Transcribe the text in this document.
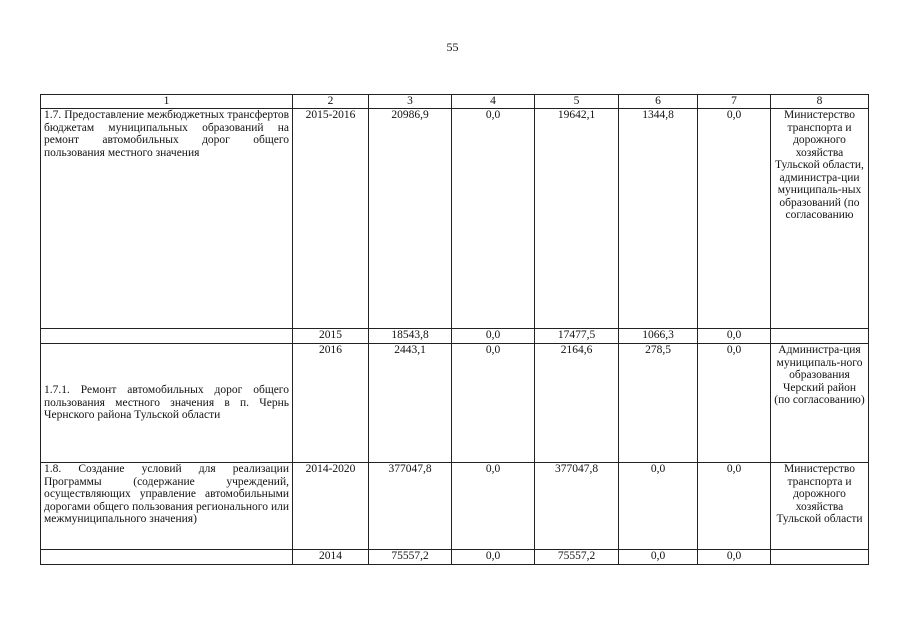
55
1	2	3	4	5	6	7	8
1.7. Предоставление межбюджетных трансфертов бюджетам муниципальных образований на ремонт автомобильных дорог общего пользования местного значения	2015-2016	20986,9	0,0	19642,1	1344,8	0,0	Министерство транспорта и дорожного хозяйства Тульской области, администра-ции муниципаль-ных образований (по согласованию
	2015	18543,8	0,0	17477,5	1066,3	0,0	
1.7.1. Ремонт автомобильных дорог общего пользования местного значения в п. Чернь Чернского района Тульской области	2016	2443,1	0,0	2164,6	278,5	0,0	Администра-ция муниципаль-ного образования Черский район (по согласованию)
1.8. Создание условий для реализации Программы (содержание учреждений, осуществляющих управление автомобильными дорогами общего пользования регионального или межмуниципального значения)	2014-2020	377047,8	0,0	377047,8	0,0	0,0	Министерство транспорта и дорожного хозяйства Тульской области
	2014	75557,2	0,0	75557,2	0,0	0,0	
